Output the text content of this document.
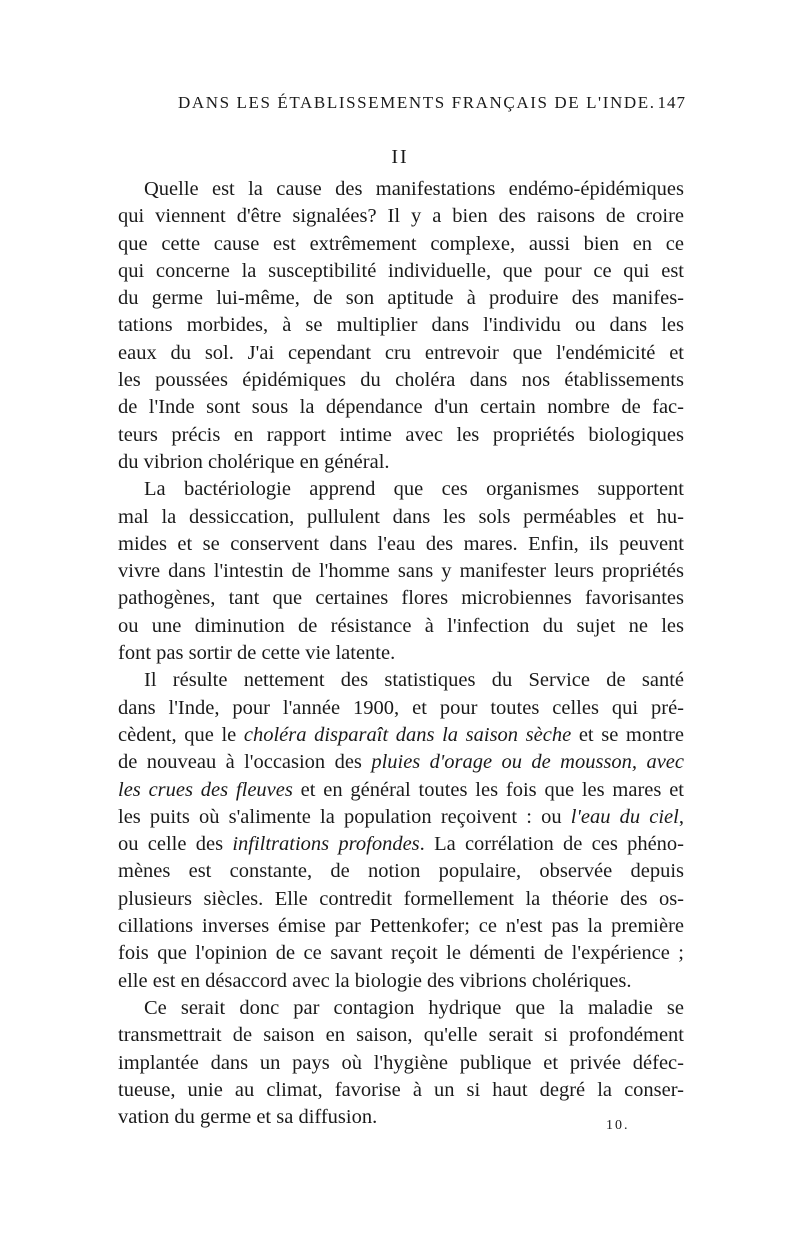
DANS LES ÉTABLISSEMENTS FRANÇAIS DE L'INDE. 147
II
Quelle est la cause des manifestations endémo-épidémiques
qui viennent d'être signalées? Il y a bien des raisons de croire
que cette cause est extrêmement complexe, aussi bien en ce
qui concerne la susceptibilité individuelle, que pour ce qui est
du germe lui-même, de son aptitude à produire des manifes-
tations morbides, à se multiplier dans l'individu ou dans les
eaux du sol. J'ai cependant cru entrevoir que l'endémicité et
les poussées épidémiques du choléra dans nos établissements
de l'Inde sont sous la dépendance d'un certain nombre de fac-
teurs précis en rapport intime avec les propriétés biologiques
du vibrion cholérique en général.
La bactériologie apprend que ces organismes supportent
mal la dessiccation, pullulent dans les sols perméables et hu-
mides et se conservent dans l'eau des mares. Enfin, ils peuvent
vivre dans l'intestin de l'homme sans y manifester leurs propriétés
pathogènes, tant que certaines flores microbiennes favorisantes
ou une diminution de résistance à l'infection du sujet ne les
font pas sortir de cette vie latente.
Il résulte nettement des statistiques du Service de santé
dans l'Inde, pour l'année 1900, et pour toutes celles qui pré-
cèdent, que le choléra disparaît dans la saison sèche et se montre
de nouveau à l'occasion des pluies d'orage ou de mousson, avec
les crues des fleuves et en général toutes les fois que les mares et
les puits où s'alimente la population reçoivent : ou l'eau du ciel,
ou celle des infiltrations profondes. La corrélation de ces phéno-
mènes est constante, de notion populaire, observée depuis
plusieurs siècles. Elle contredit formellement la théorie des os-
cillations inverses émise par Pettenkofer; ce n'est pas la première
fois que l'opinion de ce savant reçoit le démenti de l'expérience ;
elle est en désaccord avec la biologie des vibrions cholériques.
Ce serait donc par contagion hydrique que la maladie se
transmettrait de saison en saison, qu'elle serait si profondément
implantée dans un pays où l'hygiène publique et privée défec-
tueuse, unie au climat, favorise à un si haut degré la conser-
vation du germe et sa diffusion.	10.
